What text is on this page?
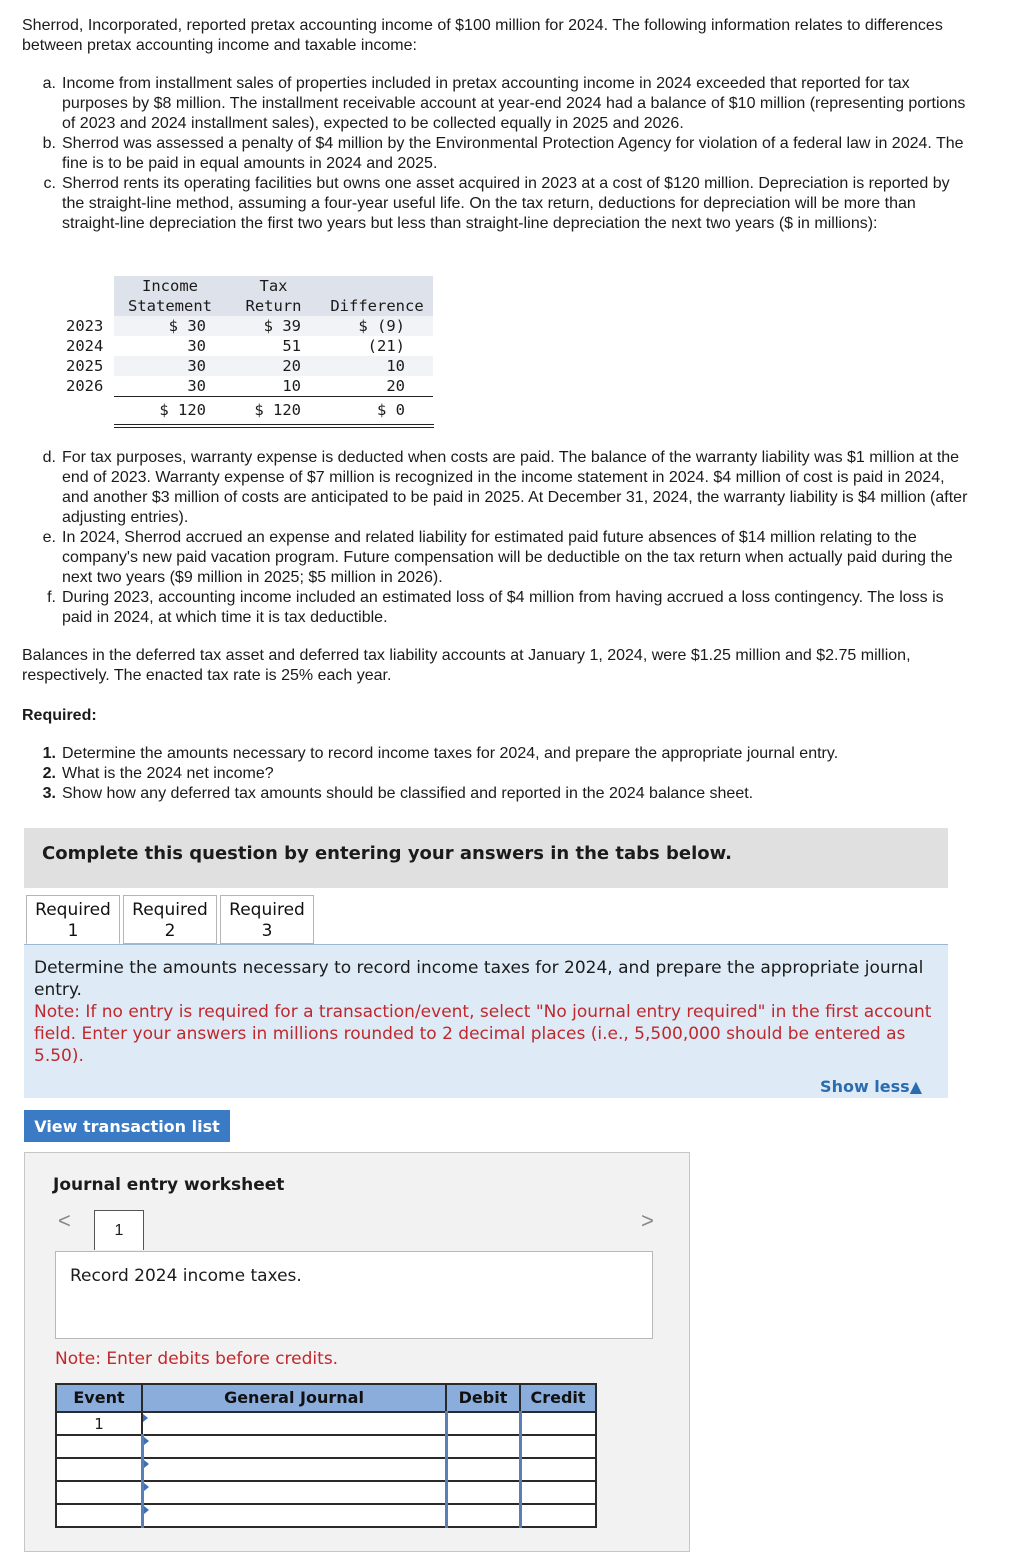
Sherrod, Incorporated, reported pretax accounting income of $100 million for 2024. The following information relates to differences between pretax accounting income and taxable income:
a. Income from installment sales of properties included in pretax accounting income in 2024 exceeded that reported for tax purposes by $8 million. The installment receivable account at year-end 2024 had a balance of $10 million (representing portions of 2023 and 2024 installment sales), expected to be collected equally in 2025 and 2026.
b. Sherrod was assessed a penalty of $4 million by the Environmental Protection Agency for violation of a federal law in 2024. The fine is to be paid in equal amounts in 2024 and 2025.
c. Sherrod rents its operating facilities but owns one asset acquired in 2023 at a cost of $120 million. Depreciation is reported by the straight-line method, assuming a four-year useful life. On the tax return, deductions for depreciation will be more than straight-line depreciation the first two years but less than straight-line depreciation the next two years ($ in millions):
	Income	Tax	
	Statement	Return	Difference
2023	$ 30	$ 39	$ (9)
2024	30	51	(21)
2025	30	20	10
2026	30	10	20
	$ 120	$ 120	$ 0
d. For tax purposes, warranty expense is deducted when costs are paid. The balance of the warranty liability was $1 million at the end of 2023. Warranty expense of $7 million is recognized in the income statement in 2024. $4 million of cost is paid in 2024, and another $3 million of costs are anticipated to be paid in 2025. At December 31, 2024, the warranty liability is $4 million (after adjusting entries).
e. In 2024, Sherrod accrued an expense and related liability for estimated paid future absences of $14 million relating to the company's new paid vacation program. Future compensation will be deductible on the tax return when actually paid during the next two years ($9 million in 2025; $5 million in 2026).
f. During 2023, accounting income included an estimated loss of $4 million from having accrued a loss contingency. The loss is paid in 2024, at which time it is tax deductible.
Balances in the deferred tax asset and deferred tax liability accounts at January 1, 2024, were $1.25 million and $2.75 million, respectively. The enacted tax rate is 25% each year.
Required:
1. Determine the amounts necessary to record income taxes for 2024, and prepare the appropriate journal entry.
2. What is the 2024 net income?
3. Show how any deferred tax amounts should be classified and reported in the 2024 balance sheet.
Complete this question by entering your answers in the tabs below.
Required
1
Required
2
Required
3
Determine the amounts necessary to record income taxes for 2024, and prepare the appropriate journal entry.
Note: If no entry is required for a transaction/event, select "No journal entry required" in the first account field. Enter your answers in millions rounded to 2 decimal places (i.e., 5,500,000 should be entered as 5.50).
Show less▲
View transaction list
Journal entry worksheet
<	1	>
Record 2024 income taxes.
Note: Enter debits before credits.
Event	General Journal	Debit	Credit
1	
